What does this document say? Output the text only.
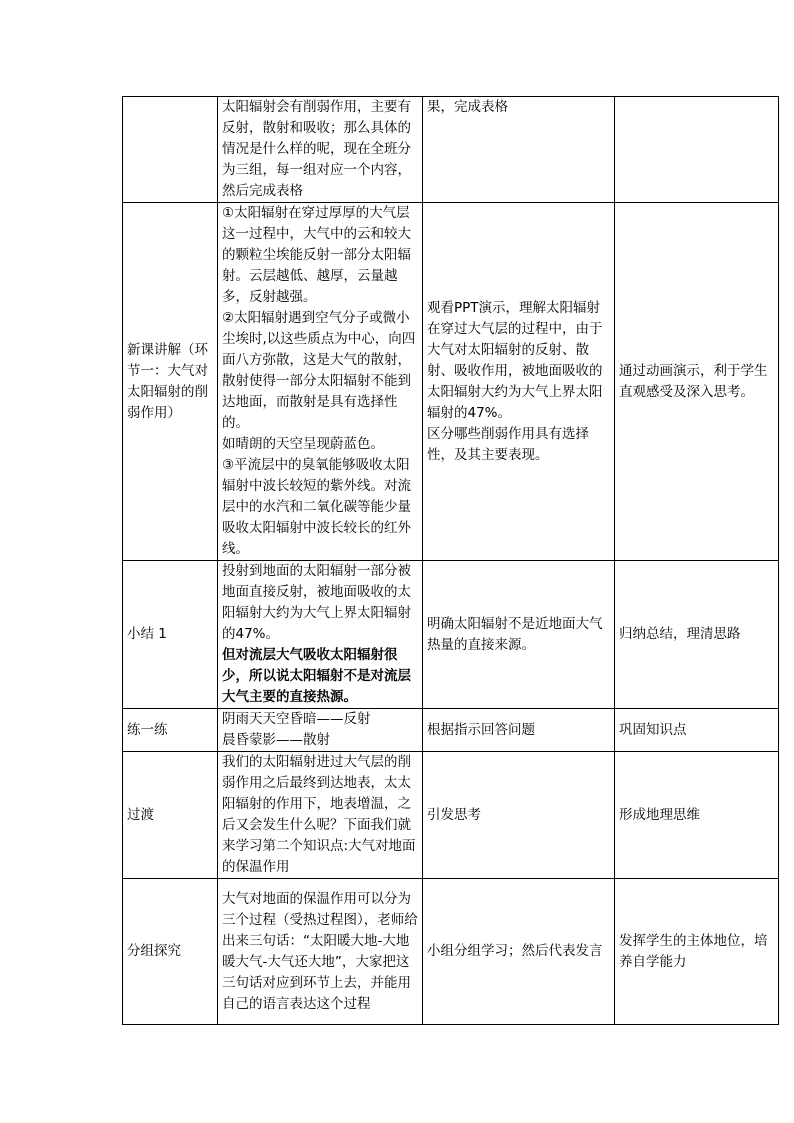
	太阳辐射会有削弱作用，主要有反射，散射和吸收；那么具体的情况是什么样的呢，现在全班分为三组，每一组对应一个内容，然后完成表格	果，完成表格	

新课讲解（环节一：大气对太阳辐射的削弱作用）	①太阳辐射在穿过厚厚的大气层这一过程中，大气中的云和较大的颗粒尘埃能反射一部分太阳辐射。云层越低、越厚，云量越多，反射越强。
②太阳辐射遇到空气分子或微小尘埃时,以这些质点为中心，向四面八方弥散，这是大气的散射，散射使得一部分太阳辐射不能到达地面，而散射是具有选择性的。
如晴朗的天空呈现蔚蓝色。
③平流层中的臭氧能够吸收太阳辐射中波长较短的紫外线。对流层中的水汽和二氧化碳等能少量吸收太阳辐射中波长较长的红外线。	观看PPT演示，理解太阳辐射在穿过大气层的过程中，由于大气对太阳辐射的反射、散射、吸收作用，被地面吸收的太阳辐射大约为大气上界太阳辐射的47%。
区分哪些削弱作用具有选择性，及其主要表现。	通过动画演示，利于学生直观感受及深入思考。
小结 1	投射到地面的太阳辐射一部分被地面直接反射，被地面吸收的太阳辐射大约为大气上界太阳辐射的47%。
但对流层大气吸收太阳辐射很少，所以说太阳辐射不是对流层大气主要的直接热源。	明确太阳辐射不是近地面大气热量的直接来源。	归纳总结，理清思路
练一练	阴雨天天空昏暗——反射
晨昏蒙影——散射	根据指示回答问题	巩固知识点
过渡	我们的太阳辐射进过大气层的削弱作用之后最终到达地表，太太阳辐射的作用下，地表增温，之后又会发生什么呢？下面我们就来学习第二个知识点:大气对地面的保温作用	引发思考	形成地理思维
分组探究	大气对地面的保温作用可以分为三个过程（受热过程图），老师给出来三句话：“太阳暖大地-大地暖大气-大气还大地”，大家把这三句话对应到环节上去，并能用自己的语言表达这个过程	小组分组学习；然后代表发言	发挥学生的主体地位，培养自学能力
